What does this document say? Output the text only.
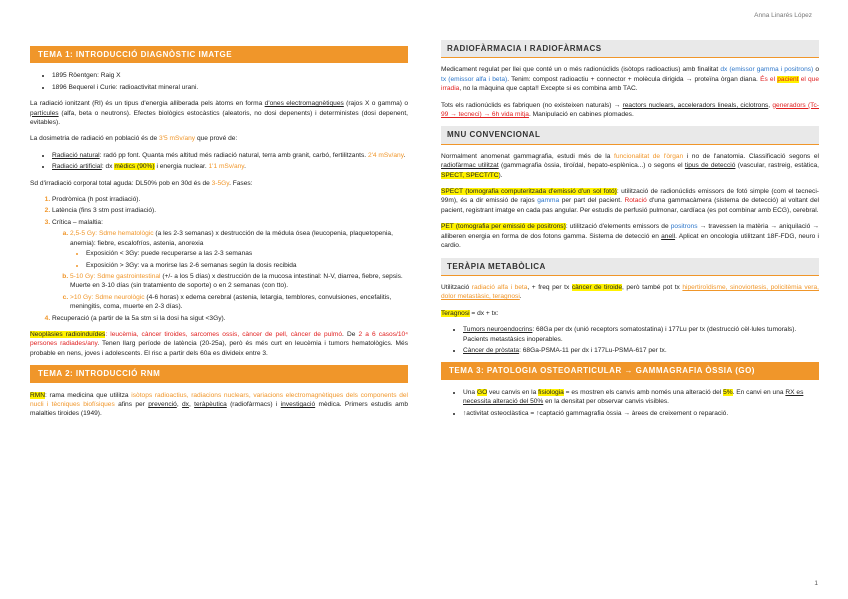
Anna Linarés López
TEMA 1: INTRODUCCIÓ DIAGNÒSTIC IMATGE
• 1895 Röentgen: Raig X
• 1896 Bequerel i Curie: radioactivitat mineral urani.

La radiació ionitzant (RI) és un tipus d'energia alliberada pels àtoms en forma d'ones electromagnètiques (rajos X o gamma) o partícules (alfa, beta o neutrons). Efectes biològics estocàstics (aleatoris, no dosi depenents) i deterministes (dosi depenent, evitables).

La dosimetria de radiació en població és de 3'5 mSv/any que prové de:

• Radiació natural: radó pp font. Quanta més altitud més radiació natural, terra amb granit, carbó, fertilitzants. 2'4 mSv/any.
• Radiació artificial: dx mèdics (90%) i energia nuclear. 1'1 mSv/any.

Sd d'irradiació corporal total aguda: DL50% pob en 30d és de 3-5Gy. Fases:

1. Prodròmica (h post irradiació).
2. Latència (fins 3 stm post irradiació).
3. Crítica – malaltia:
a. 2,5-5 Gy: Sdme hematològic (a les 2-3 semanas) x destrucción de la médula ósea (leucopenia, plaquetopenia, anemia): fiebre, escalofríos, astenia, anorexia
• Exposición < 3Gy: puede recuperarse a las 2-3 semanas
• Exposición > 3Gy: va a morirse las 2-6 semanas según la dosis recibida
b. 5-10 Gy: Sdme gastrointestinal (+/- a los 5 días) x destrucción de la mucosa intestinal: N-V, diarrea, fiebre, sepsis. Muerte en 3-10 días (sin tratamiento de soporte) o en 2 semanas (con tto).
c. >10 Gy: Sdme neurològic (4-6 horas) x edema cerebral (astenia, letargia, temblores, convulsiones, encefalitis, meningitis, coma, muerte en 2-3 días).
4. Recuperació (a partir de la 5a stm si la dosi ha sigut <3Gy).

Neoplàsies radioinduïdes: leucèmia, càncer tiroides, sarcomes ossis, càncer de pell, càncer de pulmó. De 2 a 6 casos/10⁴ persones radiades/any. Tenen llarg període de latència (20-25a), però és més curt en leucèmia i tumors hematològics. Més probable en nens, joves i adolescents. El risc a partir dels 60a es divideix entre 3.

TEMA 2: INTRODUCCIÓ RNM

RMN: rama medicina que utilitza isòtops radioactius, radiacions nuclears, variacions electromagnètiques dels components del nucli i tècniques biofísiques afins per prevenció, dx, teràpèutica (radiofàrmacs) i investigació mèdica. Primers estudis amb malalties tiroides (1949).

RADIOFÀRMACIA I RADIOFÀRMACS

Medicament regulat per llei que conté un o més radionúclids (isòtops radioactius) amb finalitat dx (emissor gamma i positrons) o tx (emissor alfa i beta). Tenim: compost radioactiu + connector + molècula dirigida → proteïna òrgan diana. És el pacient el que irradia, no la màquina que capta!! Excepte si es combina amb TAC.

Tots els radionúclids es fabriquen (no existeixen naturals) → reactors nuclears, acceleradors lineals, ciclotrons, generadors (Tc-99 → tecneci) → 6h vida mitja. Manipulació en cabines plomades.

MNU CONVENCIONAL

Normalment anomenat gammagrafia, estudi més de la funcionalitat de l'òrgan i no de l'anatomia. Classificació segons el radiofàrmac utilitzat (gammagrafia òssia, tiroïdal, hepato-esplènica...) o segons el tipus de detecció (vascular, rastreig, estàtica, SPECT, SPECT/TC).

SPECT (tomografia computeritzada d'emissió d'un sol fotó): utilització de radionúclids emissors de fotó simple (com el tecneci-99m), és a dir emissió de rajos gamma per part del pacient. Rotació d'una gammacàmera (sistema de detecció) al voltant del pacient, registrant imatge en cada pas angular. Per estudis de perfusió pulmonar, cardíaca (es pot combinar amb ECG), cerebral.

PET (tomografia per emissió de positrons): utilització d'elements emissors de positrons → travessen la matèria → aniquilació → alliberen energia en forma de dos fotons gamma. Sistema de detecció en anell. Aplicat en oncologia utilitzant 18F-FDG, neuro i cardio.

TERÀPIA METABÒLICA

Utilització radiació alfa i beta, + freq per tx càncer de tiroide, però també pot tx hipertiroïdisme, sinoviortesis, policitèmia vera, dolor metastàsic, teragnosi.

Teragnosi = dx + tx:

• Tumors neuroendocrins: 68Ga per dx (unió receptors somatostatina) i 177Lu per tx (destrucció cèl·lules tumorals). Pacients metastàsics inoperables.
• Càncer de pròstata: 68Ga-PSMA-11 per dx i 177Lu-PSMA-617 per tx.
TEMA 3: PATOLOGIA OSTEOARTICULAR → GAMMAGRAFIA ÒSSIA (GO)
• Una GO veu canvis en la fisiologia = es mostren els canvis amb només una alteració del 5%. En canvi en una RX es necessita alteració del 50% en la densitat per observar canvis visibles.
• ↑activitat osteoclàstica = ↑captació gammagrafia òssia → àrees de creixement o reparació.
1
